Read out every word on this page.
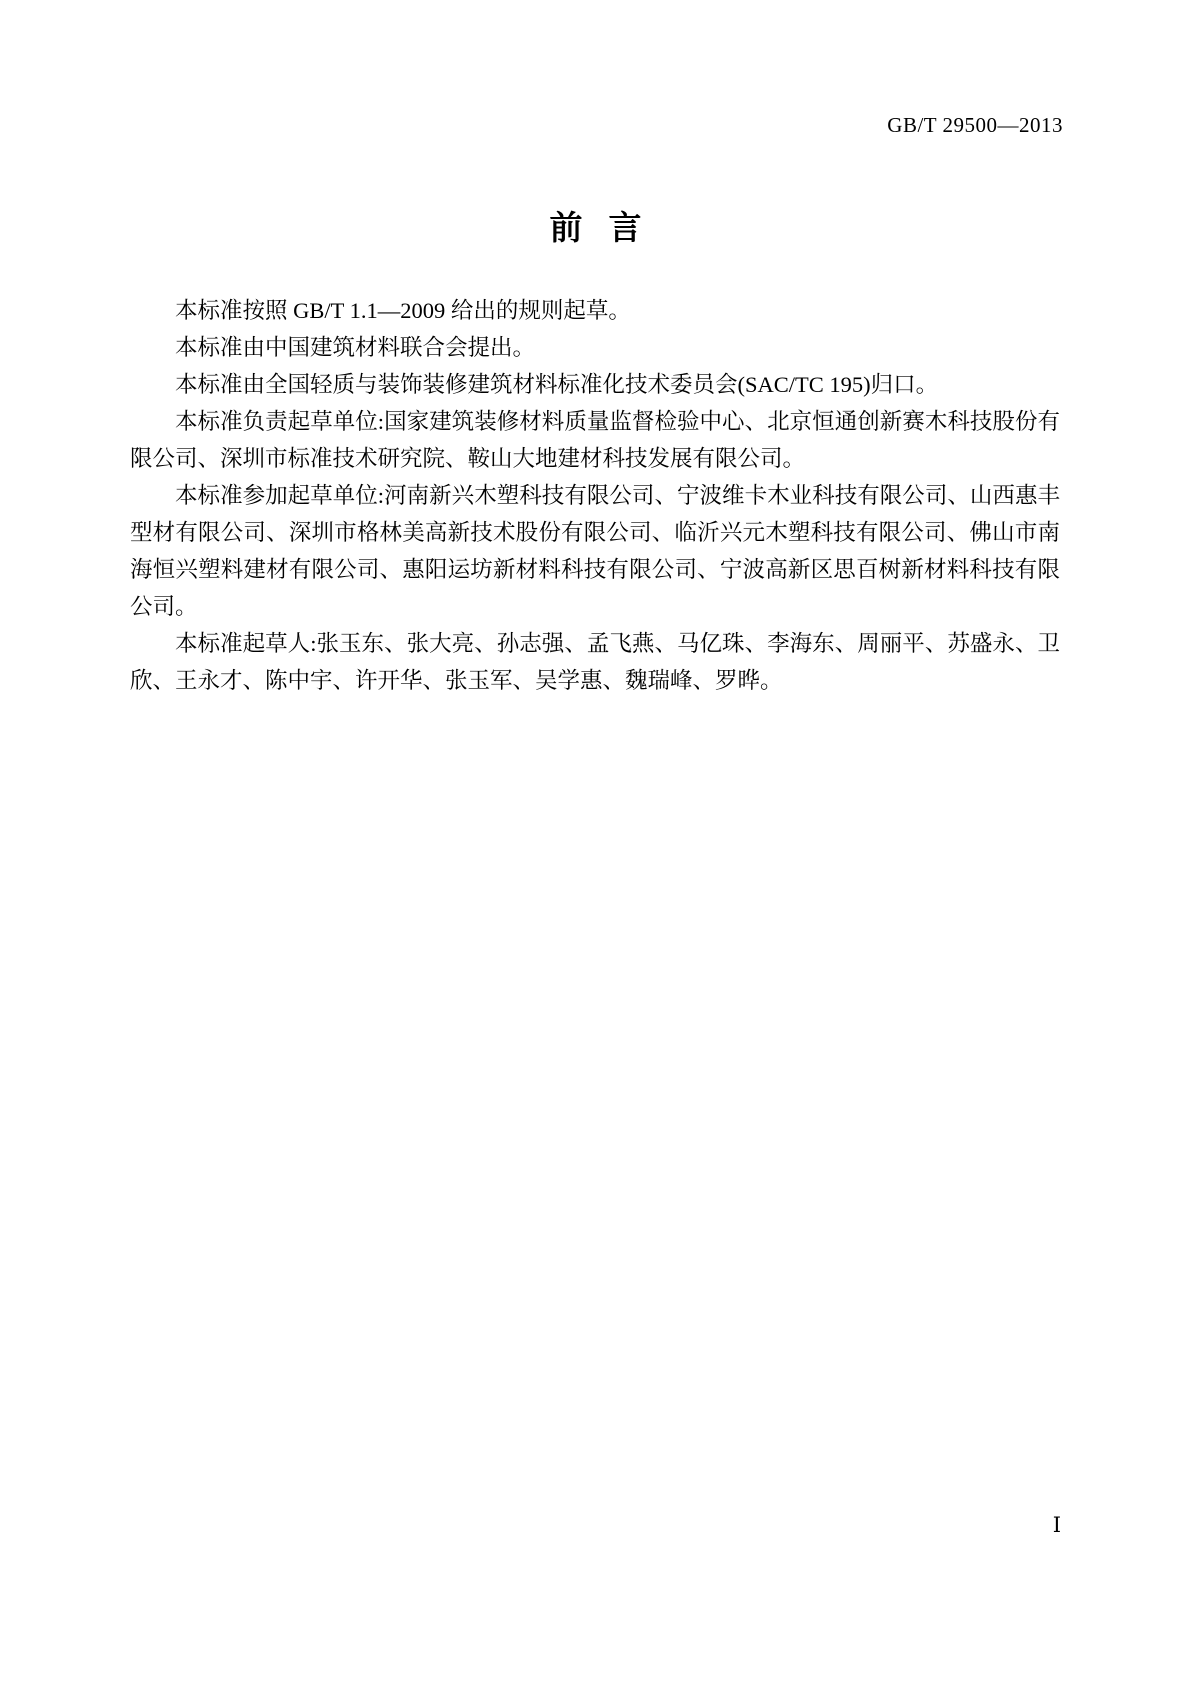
GB/T 29500—2013
前言

本标准按照 GB/T 1.1—2009 给出的规则起草。

本标准由中国建筑材料联合会提出。

本标准由全国轻质与装饰装修建筑材料标准化技术委员会(SAC/TC 195)归口。

本标准负责起草单位:国家建筑装修材料质量监督检验中心、北京恒通创新赛木科技股份有限公司、深圳市标准技术研究院、鞍山大地建材科技发展有限公司。

本标准参加起草单位:河南新兴木塑科技有限公司、宁波维卡木业科技有限公司、山西惠丰型材有限公司、深圳市格林美高新技术股份有限公司、临沂兴元木塑科技有限公司、佛山市南海恒兴塑料建材有限公司、惠阳运坊新材料科技有限公司、宁波高新区思百树新材料科技有限公司。

本标准起草人:张玉东、张大亮、孙志强、孟飞燕、马亿珠、李海东、周丽平、苏盛永、卫欣、王永才、陈中宇、许开华、张玉军、吴学惠、魏瑞峰、罗晔。

Ⅰ
